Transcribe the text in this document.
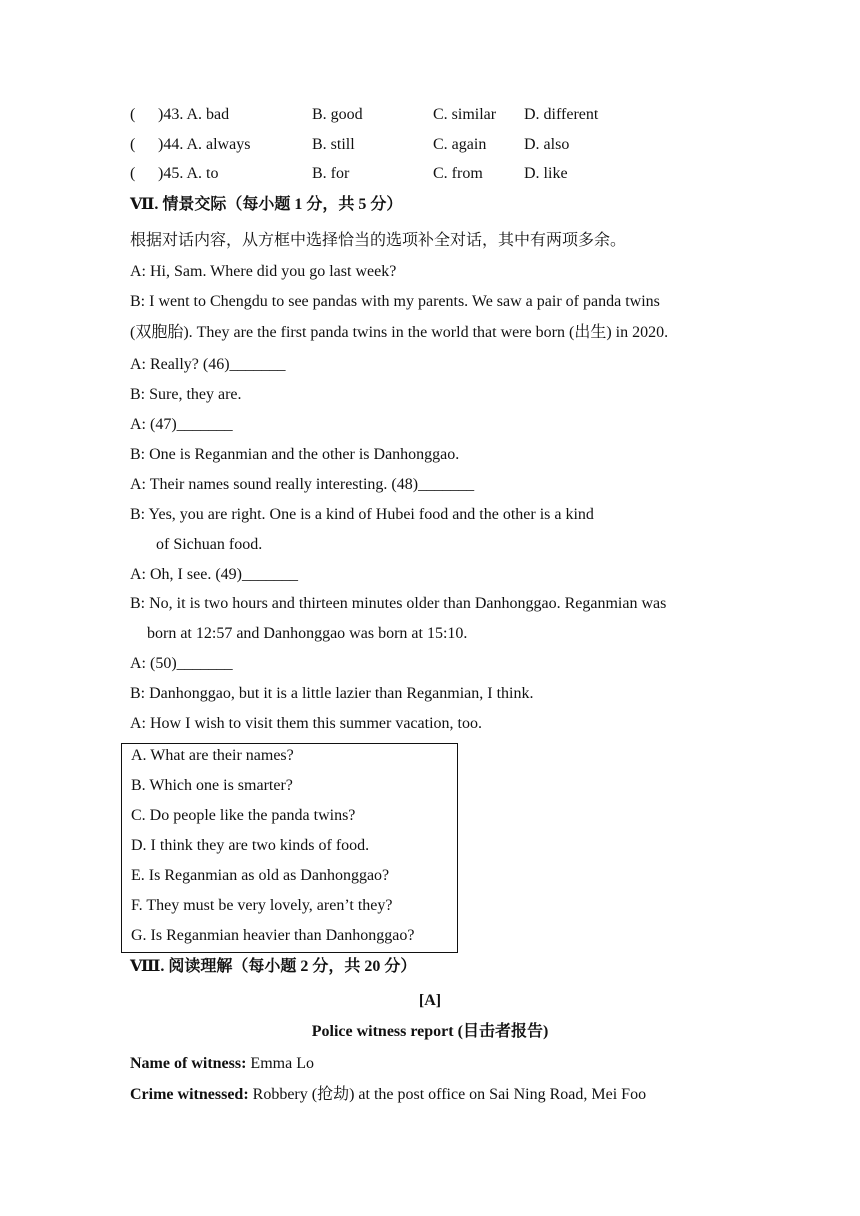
( )43. A. bad	B. good	C. similar D. different
( )44. A. always	B. still	C. again D. also
( )45. A. to	B. for	C. from	D. like
Ⅶ. 情景交际（每小题 1 分，共 5 分）
根据对话内容，从方框中选择恰当的选项补全对话，其中有两项多余。
A: Hi, Sam. Where did you go last week?
B: I went to Chengdu to see pandas with my parents. We saw a pair of panda twins
(双胞胎). They are the first panda twins in the world that were born (出生) in 2020.
A: Really? (46)_______
B: Sure, they are.
A: (47)_______
B: One is Reganmian and the other is Danhonggao.
A: Their names sound really interesting. (48)_______
B: Yes, you are right. One is a kind of Hubei food and the other is a kind
of Sichuan food.
A: Oh, I see. (49)_______
B: No, it is two hours and thirteen minutes older than Danhonggao. Reganmian was
born at 12:57 and Danhonggao was born at 15:10.
A: (50)_______
B: Danhonggao, but it is a little lazier than Reganmian, I think.
A: How I wish to visit them this summer vacation, too.
A. What are their names?
B. Which one is smarter?
C. Do people like the panda twins?
D. I think they are two kinds of food.
E. Is Reganmian as old as Danhonggao?
F. They must be very lovely, aren’t they?
G. Is Reganmian heavier than Danhonggao?
Ⅷ. 阅读理解（每小题 2 分，共 20 分）
[A]
Police witness report (目击者报告)
Name of witness: Emma Lo
Crime witnessed: Robbery (抢劫) at the post office on Sai Ning Road, Mei Foo
